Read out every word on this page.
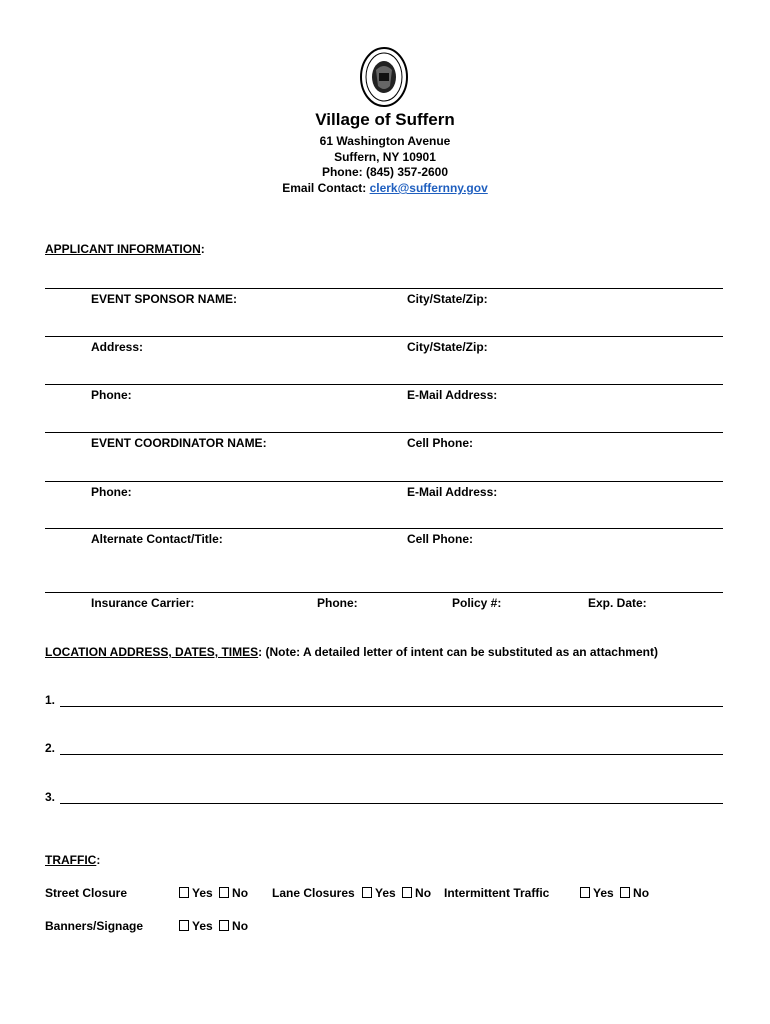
Village of Suffern
61 Washington Avenue
Suffern, NY 10901
Phone: (845) 357-2600
Email Contact: clerk@suffernny.gov
APPLICANT INFORMATION:
EVENT SPONSOR NAME:	City/State/Zip:
Address:	City/State/Zip:
Phone:	E-Mail Address:
EVENT COORDINATOR NAME:	Cell Phone:
Phone:	E-Mail Address:
Alternate Contact/Title:	Cell Phone:
Insurance Carrier:	Phone:	Policy #:	Exp. Date:
LOCATION ADDRESS, DATES, TIMES: (Note: A detailed letter of intent can be substituted as an attachment)
1.
2.
3.
TRAFFIC:
Street Closure	Yes No Lane Closures	Yes No Intermittent Traffic	Yes No
Banners/Signage	Yes No
